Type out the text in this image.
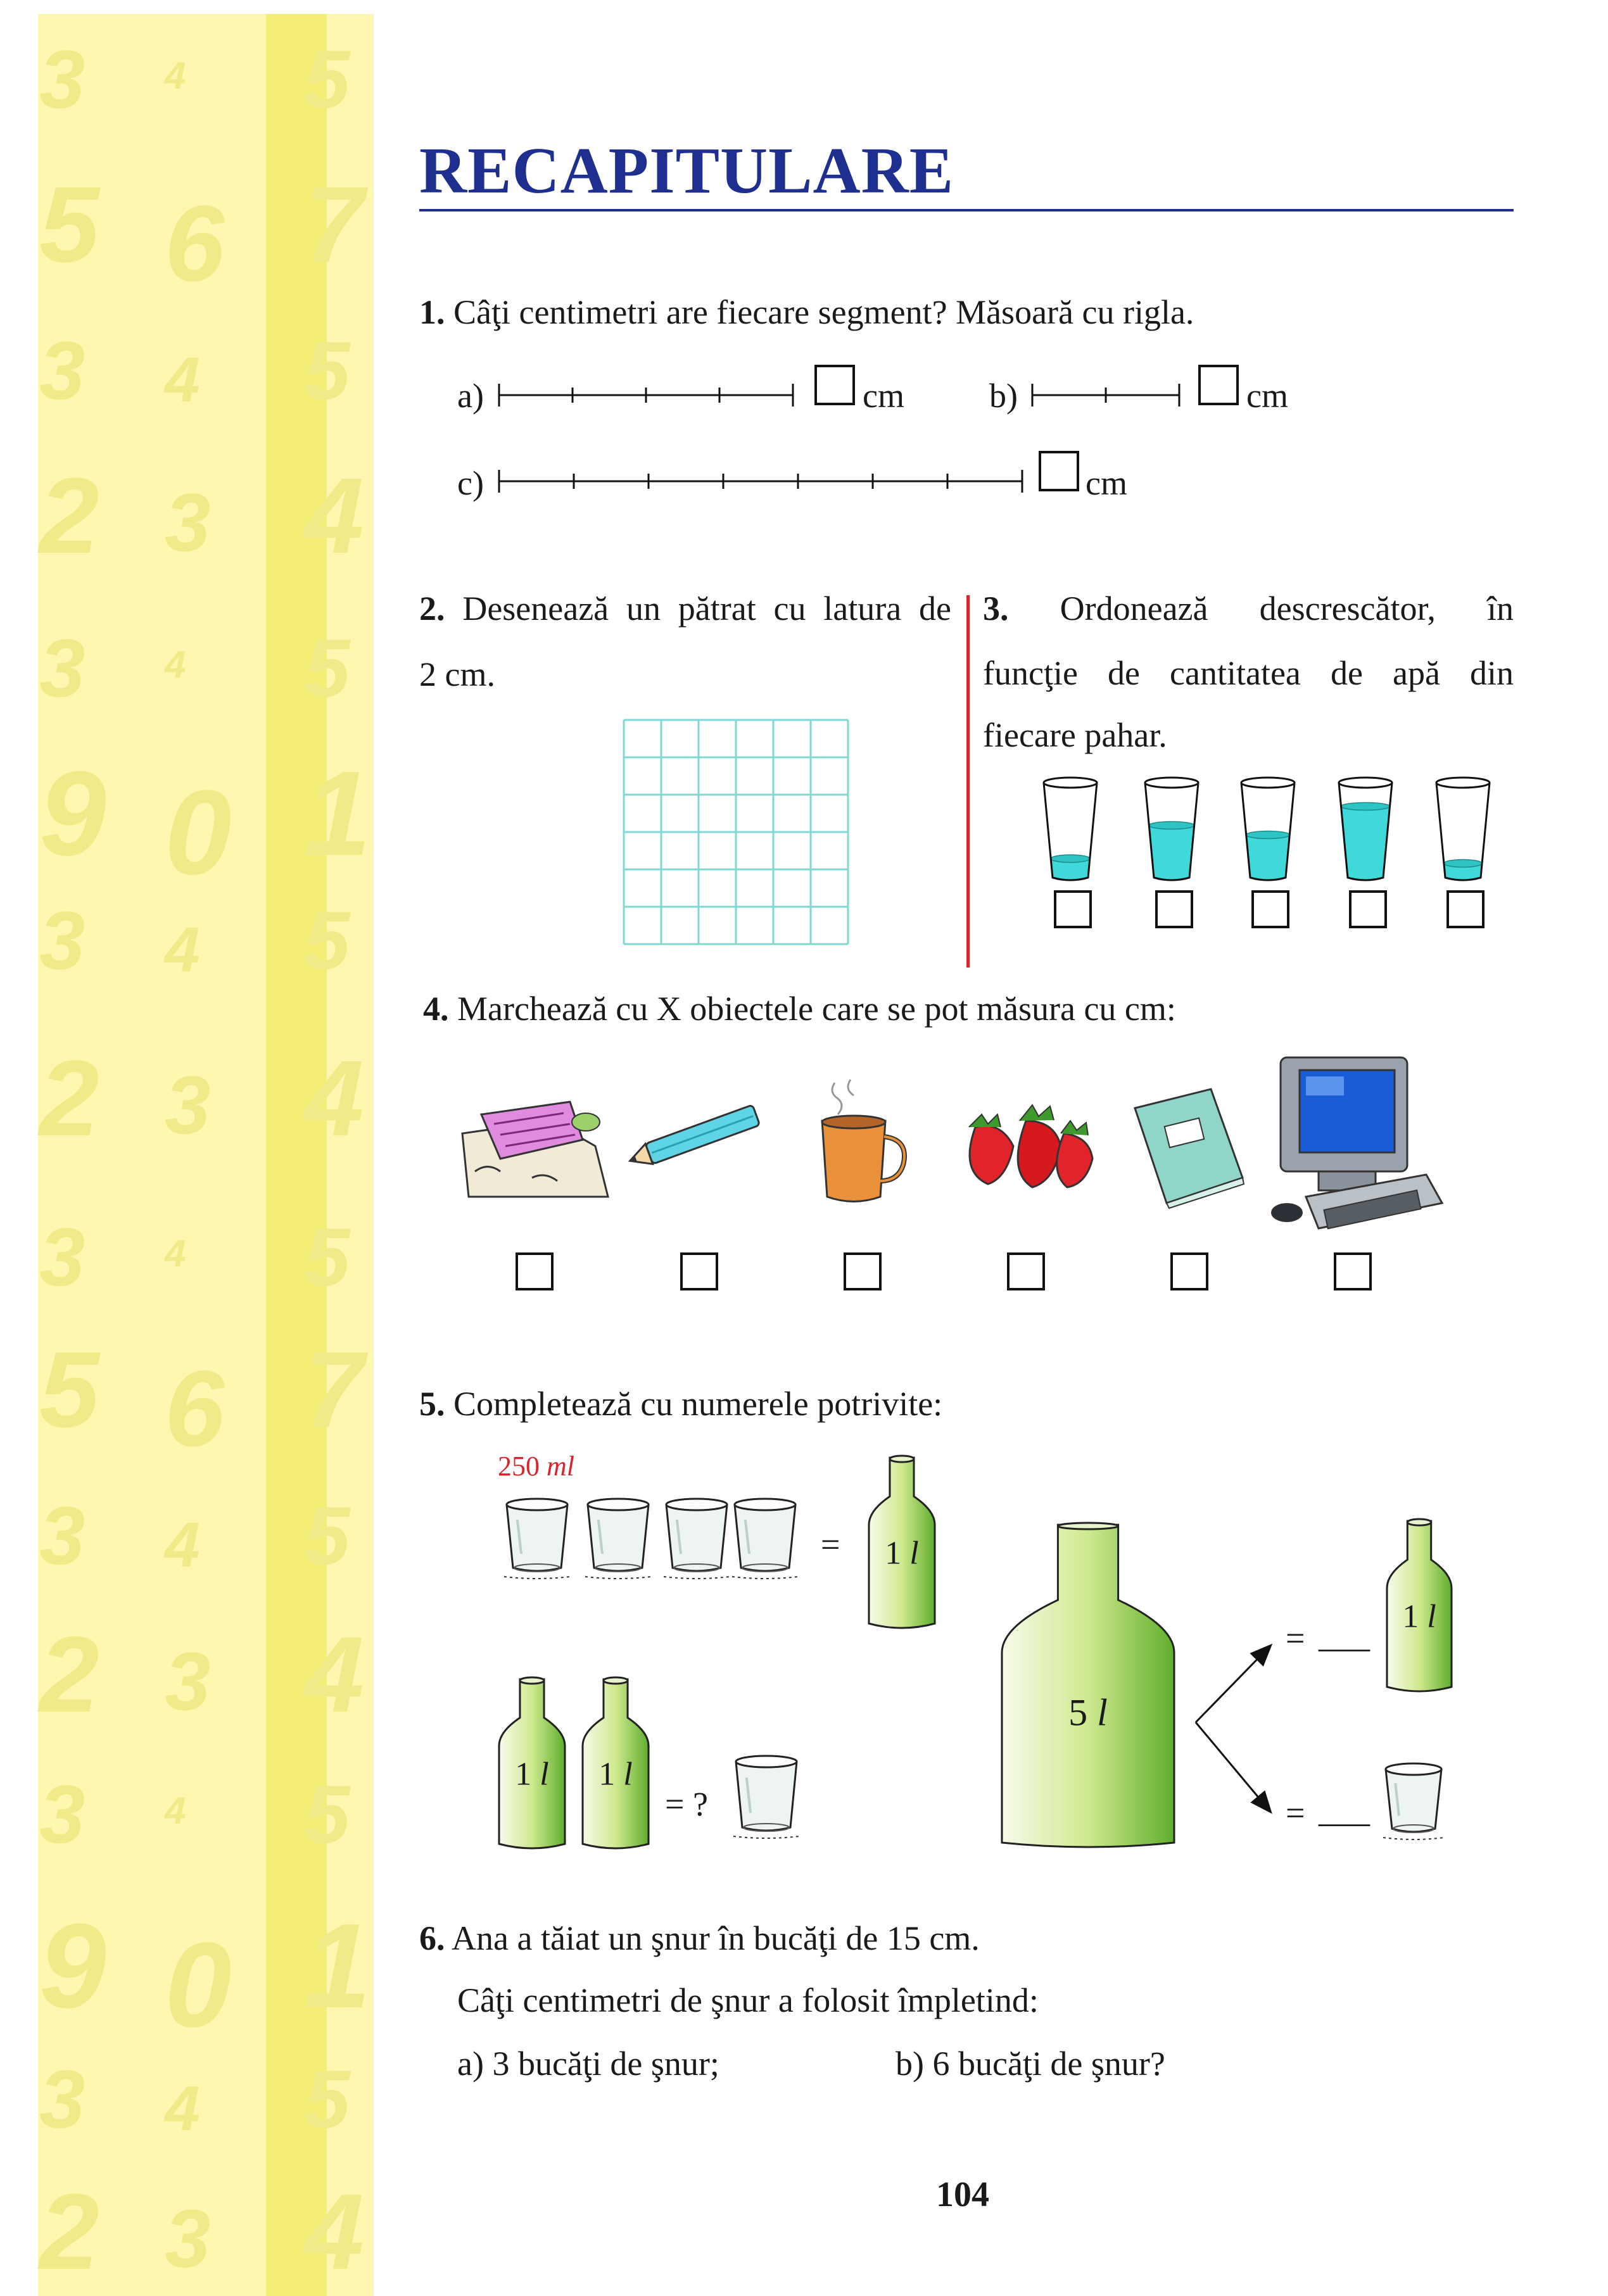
3 4 5
5 6 7
3 4 5
2 3 4
3 4 5
9 0 1
3 4 5
2 3 4
3 4 5
5 6 7
3 4 5
2 3 4
3 4 5
9 0 1
3 4 5
2 3 4
RECAPITULARE
1. Câţi centimetri are fiecare segment? Măsoară cu rigla.
a)	cm b)	cm
c)	cm
2. Desenează un pătrat cu latura de
2 cm.
3. Ordonează descrescător, în
funcţie de cantitatea de apă din
fiecare pahar.
4. Marchează cu X obiectele care se pot măsura cu cm:
5. Completează cu numerele potrivite:
250 ml
= 1 l
1 l 1 l
1 l
5 l
= ?
= ___
= ___
6. Ana a tăiat un şnur în bucăţi de 15 cm.
Câţi centimetri de şnur a folosit împletind:
a) 3 bucăţi de şnur;	b) 6 bucăţi de şnur?
104
